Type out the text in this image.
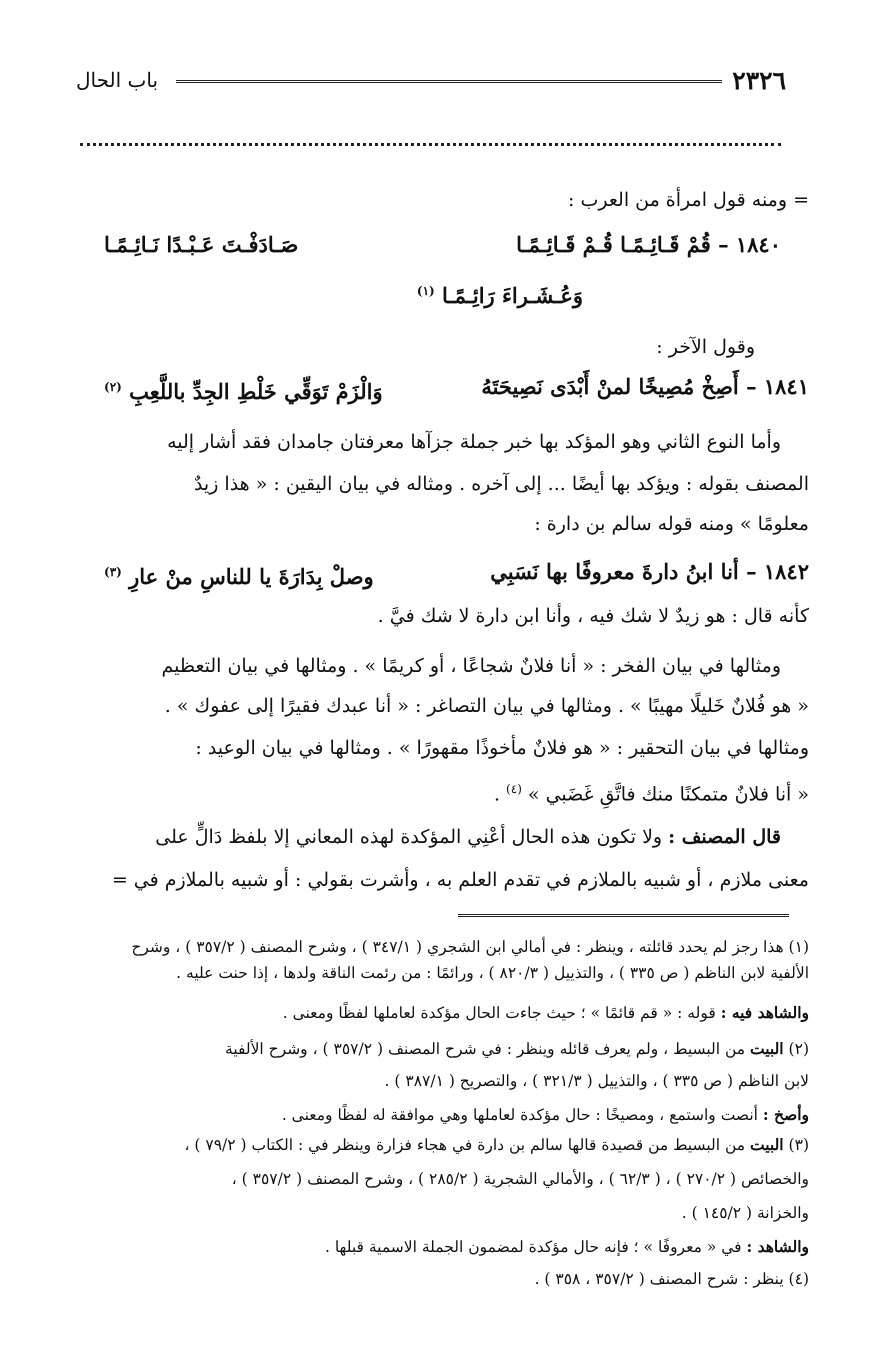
٢٣٢٦
باب الحال
= ومنه قول امرأة من العرب :
١٨٤٠ – قُمْ قَـائِـمًـا قُـمْ قَـائِـمًـا
صَـادَفْـتَ عَـبْـدًا نَـائِـمًـا
وَعُـشَـراءَ رَائِـمًـا $^{(١)}$
وقول الآخر :
١٨٤١ – أَصِخْ مُصِيخًا لمنْ أَبْدَى نَصِيحَتَهُ
وَالْزَمْ تَوَقِّي خَلْطِ الجِدِّ باللَّعِبِ $^{(٢)}$
وأما النوع الثاني وهو المؤكد بها خبر جملة جزآها معرفتان جامدان فقد أشار إليه
المصنف بقوله : ويؤكد بها أيضًا ... إلى آخره . ومثاله في بيان اليقين : « هذا زيدٌ
معلومًا » ومنه قوله سالم بن دارة :
١٨٤٢ – أنا ابنُ دارةَ معروفًا بها نَسَبِي
وصلْ بِدَارَةَ يا للناسِ منْ عارِ $^{(٣)}$
كأنه قال : هو زيدٌ لا شك فيه ، وأنا ابن دارة لا شك فيَّ .
ومثالها في بيان الفخر : « أنا فلانٌ شجاعًا ، أو كريمًا » . ومثالها في بيان التعظيم
« هو فُلانٌ خَليلًا مهيبًا » . ومثالها في بيان التصاغر : « أنا عبدك فقيرًا إلى عفوك » .
ومثالها في بيان التحقير : « هو فلانٌ مأخوذًا مقهورًا » . ومثالها في بيان الوعيد :
« أنا فلانٌ متمكنًا منك فاتَّقِ غَضَبي » $^{(٤)}$ .
قال المصنف : ولا تكون هذه الحال أعْنِي المؤكدة لهذه المعاني إلا بلفظ دَالٍّ على
معنى ملازم ، أو شبيه بالملازم في تقدم العلم به ، وأشرت بقولي : أو شبيه بالملازم في =
(١) هذا رجز لم يحدد قائلته ، وينظر : في أمالي ابن الشجري ( ٣٤٧/١ ) ، وشرح المصنف ( ٣٥٧/٢ ) ، وشرح
الألفية لابن الناظم ( ص ٣٣٥ ) ، والتذييل ( ٨٢٠/٣ ) ، ورائمًا : من رئمت الناقة ولدها ، إذا حنت عليه .
والشاهد فيه : قوله : « قم قائمًا » ؛ حيث جاءت الحال مؤكدة لعاملها لفظًا ومعنى .
(٢) البيت من البسيط ، ولم يعرف قائله وينظر : في شرح المصنف ( ٣٥٧/٢ ) ، وشرح الألفية
لابن الناظم ( ص ٣٣٥ ) ، والتذييل ( ٣٢١/٣ ) ، والتصريح ( ٣٨٧/١ ) .
وأصخ : أنصت واستمع ، ومصيخًا : حال مؤكدة لعاملها وهي موافقة له لفظًا ومعنى .
(٣) البيت من البسيط من قصيدة قالها سالم بن دارة في هجاء فزارة وينظر في : الكتاب ( ٧٩/٢ ) ،
والخصائص ( ٢٧٠/٢ ) ، ( ٦٢/٣ ) ، والأمالي الشجرية ( ٢٨٥/٢ ) ، وشرح المصنف ( ٣٥٧/٢ ) ،
والخزانة ( ١٤٥/٢ ) .
والشاهد : في « معروفًا » ؛ فإنه حال مؤكدة لمضمون الجملة الاسمية قبلها .
(٤) ينظر : شرح المصنف ( ٣٥٧/٢ ، ٣٥٨ ) .
